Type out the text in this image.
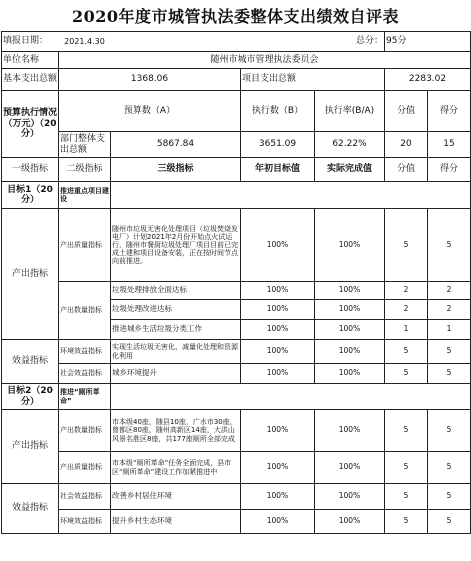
2020年度市城管执法委整体支出绩效自评表
填报日期：	2021.4.30			总分：	95分	
单位名称	随州市城市管理执法委员会					
基本支出总额	1368.06		项目支出总额		2283.02	
预算执行情况（万元）（20分）	预算数（A）		执行数（B）	执行率(B/A)	分值	得分
	部门整体支出总额	5867.84	3651.09	62.22%	20	15
一级指标	二级指标	三级指标	年初目标值	实际完成值	分值	得分
目标1（20分）	推进重点项目建设					
产出指标	产出质量指标	随州市垃圾无害化处理项目（垃圾焚烧发电厂）计划2021年2月份开始点火试运行，随州市餐厨垃圾处理厂项目目前已完成土建和项目设备安装，正在按时间节点向前推进。	100%	100%	5	5
	产出数量指标	垃圾处理排放全面达标	100%	100%	2	2
		垃圾处理改进达标	100%	100%	2	2
		推进城乡生活垃圾分类工作	100%	100%	1	1
效益指标	环境效益指标	实现生活垃圾无害化、减量化处理和资源化利用	100%	100%	5	5
	社会效益指标	城乡环境提升	100%	100%	5	5
目标2（20分）	推进“厕所革命”					
产出指标	产出数量指标	市本级40座，随县10座，广水市30座，曾都区80座，随州高新区14座，大洪山风景名胜区8座，共177座厕所全部完成	100%	100%	5	5
	产出质量指标	市本级“厕所革命”任务全面完成，县市区“厕所革命”建设工作加紧推进中	100%	100%	5	5
效益指标	社会效益指标	改善乡村居住环境	100%	100%	5	5
	环境效益指标	提升乡村生态环境	100%	100%	5	5
